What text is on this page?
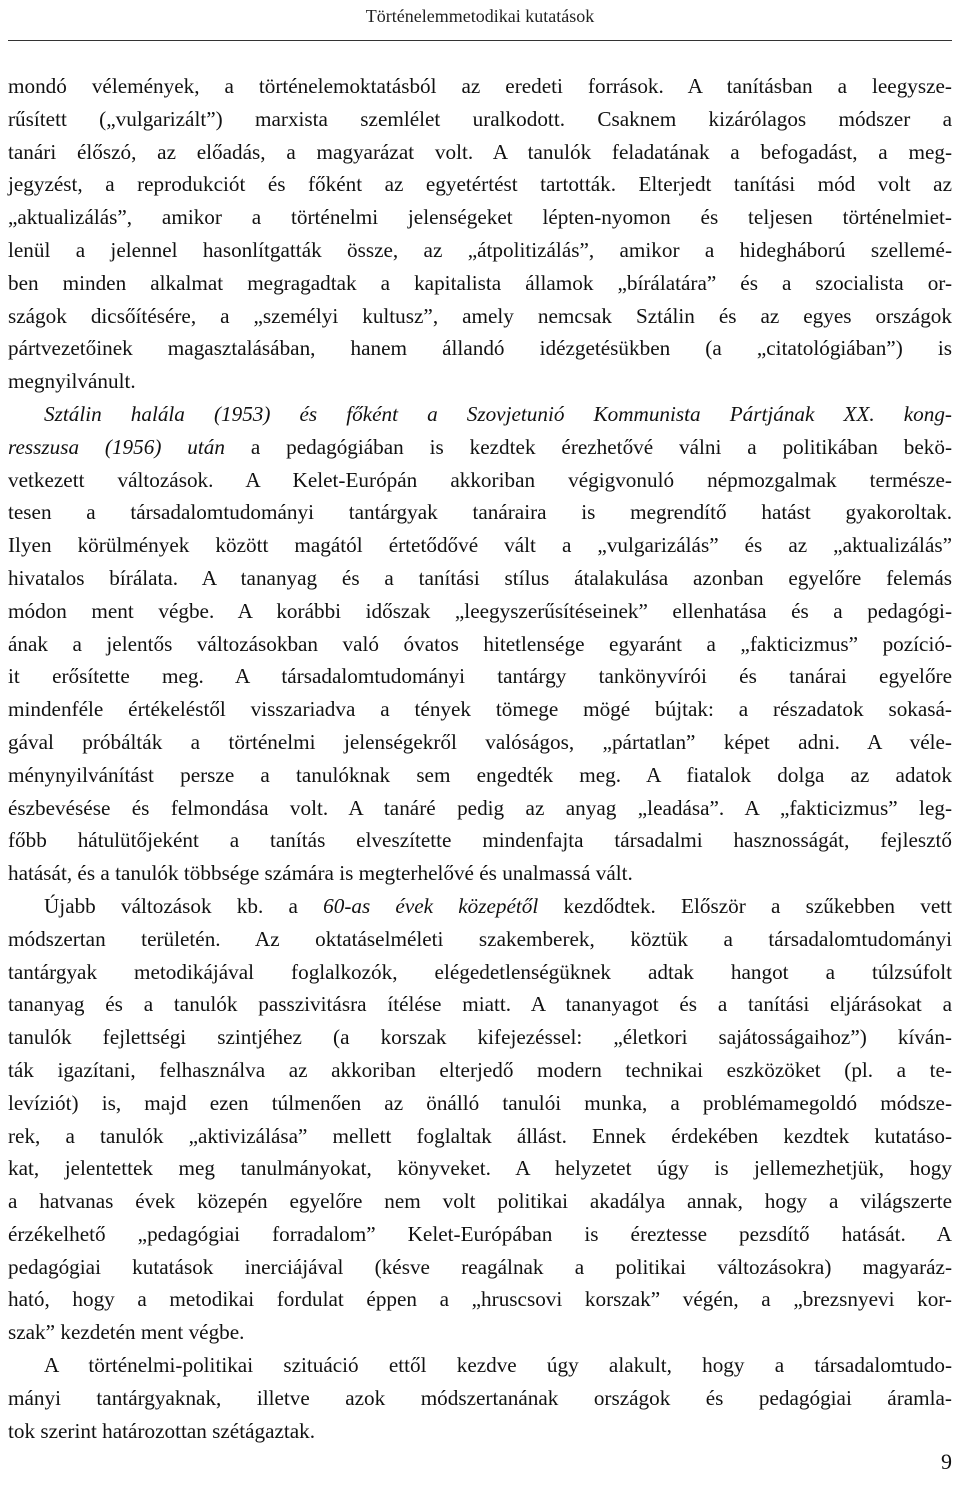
Történelemmetodikai kutatások
mondó vélemények, a történelemoktatásból az eredeti források. A tanításban a leegysze-
rűsített („vulgarizált”) marxista szemlélet uralkodott. Csaknem kizárólagos módszer a
tanári élőszó, az előadás, a magyarázat volt. A tanulók feladatának a befogadást, a meg-
jegyzést, a reprodukciót és főként az egyetértést tartották. Elterjedt tanítási mód volt az
„aktualizálás”, amikor a történelmi jelenségeket lépten-nyomon és teljesen történelmiet-
lenül a jelennel hasonlítgatták össze, az „átpolitizálás”, amikor a hidegháború szellemé-
ben minden alkalmat megragadtak a kapitalista államok „bírálatára” és a szocialista or-
szágok dicsőítésére, a „személyi kultusz”, amely nemcsak Sztálin és az egyes országok
pártvezetőinek magasztalásában, hanem állandó idézgetésükben (a „citatológiában”) is
megnyilvánult.
Sztálin halála (1953) és főként a Szovjetunió Kommunista Pártjának XX. kong-
resszusa (1956) után a pedagógiában is kezdtek érezhetővé válni a politikában bekö-
vetkezett változások. A Kelet-Európán akkoriban végigvonuló népmozgalmak természe-
tesen a társadalomtudományi tantárgyak tanáraira is megrendítő hatást gyakoroltak.
Ilyen körülmények között magától értetődővé vált a „vulgarizálás” és az „aktualizálás”
hivatalos bírálata. A tananyag és a tanítási stílus átalakulása azonban egyelőre felemás
módon ment végbe. A korábbi időszak „leegyszerűsítéseinek” ellenhatása és a pedagógi-
ának a jelentős változásokban való óvatos hitetlensége egyaránt a „fakticizmus” pozíció-
it erősítette meg. A társadalomtudományi tantárgy tankönyvírói és tanárai egyelőre
mindenféle értékeléstől visszariadva a tények tömege mögé bújtak: a részadatok sokasá-
gával próbálták a történelmi jelenségekről valóságos, „pártatlan” képet adni. A véle-
ménynyilvánítást persze a tanulóknak sem engedték meg. A fiatalok dolga az adatok
észbevésése és felmondása volt. A tanáré pedig az anyag „leadása”. A „fakticizmus” leg-
főbb hátulütőjeként a tanítás elveszítette mindenfajta társadalmi hasznosságát, fejlesztő
hatását, és a tanulók többsége számára is megterhelővé és unalmassá vált.
Újabb változások kb. a 60-as évek közepétől kezdődtek. Először a szűkebben vett
módszertan területén. Az oktatáselméleti szakemberek, köztük a társadalomtudományi
tantárgyak metodikájával foglalkozók, elégedetlenségüknek adtak hangot a túlzsúfolt
tananyag és a tanulók passzivitásra ítélése miatt. A tananyagot és a tanítási eljárásokat a
tanulók fejlettségi szintjéhez (a korszak kifejezéssel: „életkori sajátosságaihoz”) kíván-
ták igazítani, felhasználva az akkoriban elterjedő modern technikai eszközöket (pl. a te-
levíziót) is, majd ezen túlmenően az önálló tanulói munka, a problémamegoldó módsze-
rek, a tanulók „aktivizálása” mellett foglaltak állást. Ennek érdekében kezdtek kutatáso-
kat, jelentettek meg tanulmányokat, könyveket. A helyzetet úgy is jellemezhetjük, hogy
a hatvanas évek közepén egyelőre nem volt politikai akadálya annak, hogy a világszerte
érzékelhető „pedagógiai forradalom” Kelet-Európában is éreztesse pezsdítő hatását. A
pedagógiai kutatások inerciájával (késve reagálnak a politikai változásokra) magyaráz-
ható, hogy a metodikai fordulat éppen a „hruscsovi korszak” végén, a „brezsnyevi kor-
szak” kezdetén ment végbe.
A történelmi-politikai szituáció ettől kezdve úgy alakult, hogy a társadalomtudo-
mányi tantárgyaknak, illetve azok módszertanának országok és pedagógiai áramla-
tok szerint határozottan szétágaztak.
9
